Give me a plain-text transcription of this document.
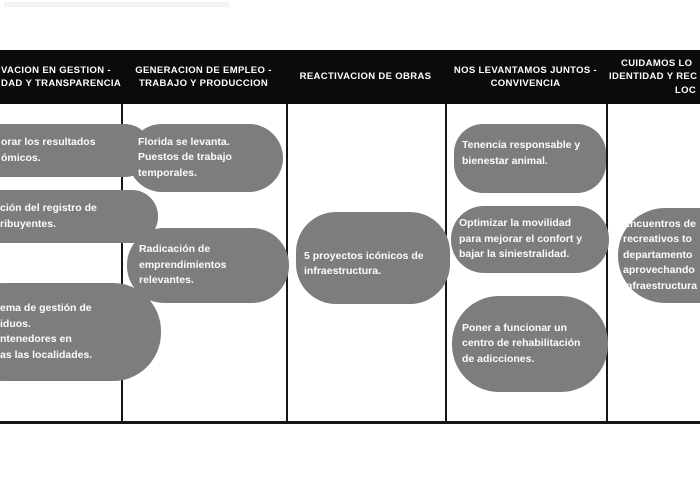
VACION EN GESTION -
DAD Y TRANSPARENCIA
GENERACION DE EMPLEO -
TRABAJO Y PRODUCCION
REACTIVACION DE OBRAS
NOS LEVANTAMOS JUNTOS -
CONVIVENCIA
CUIDAMOS LO
IDENTIDAD Y REC
LOC
orar los resultados
ómicos.
ción del registro de
ribuyentes.
ema de gestión de
iduos.
ntenedores en
as las localidades.
Florida se levanta.
Puestos de trabajo
temporales.
Radicación de
emprendimientos
relevantes.
5 proyectos icónicos de
infraestructura.
Tenencia responsable y
bienestar animal.
Optimizar la movilidad
para mejorar el confort y
bajar la siniestralidad.
Poner a funcionar un
centro de rehabilitación
de adicciones.
Encuentros de
recreativos to
departamento
aprovechando
infraestructura
